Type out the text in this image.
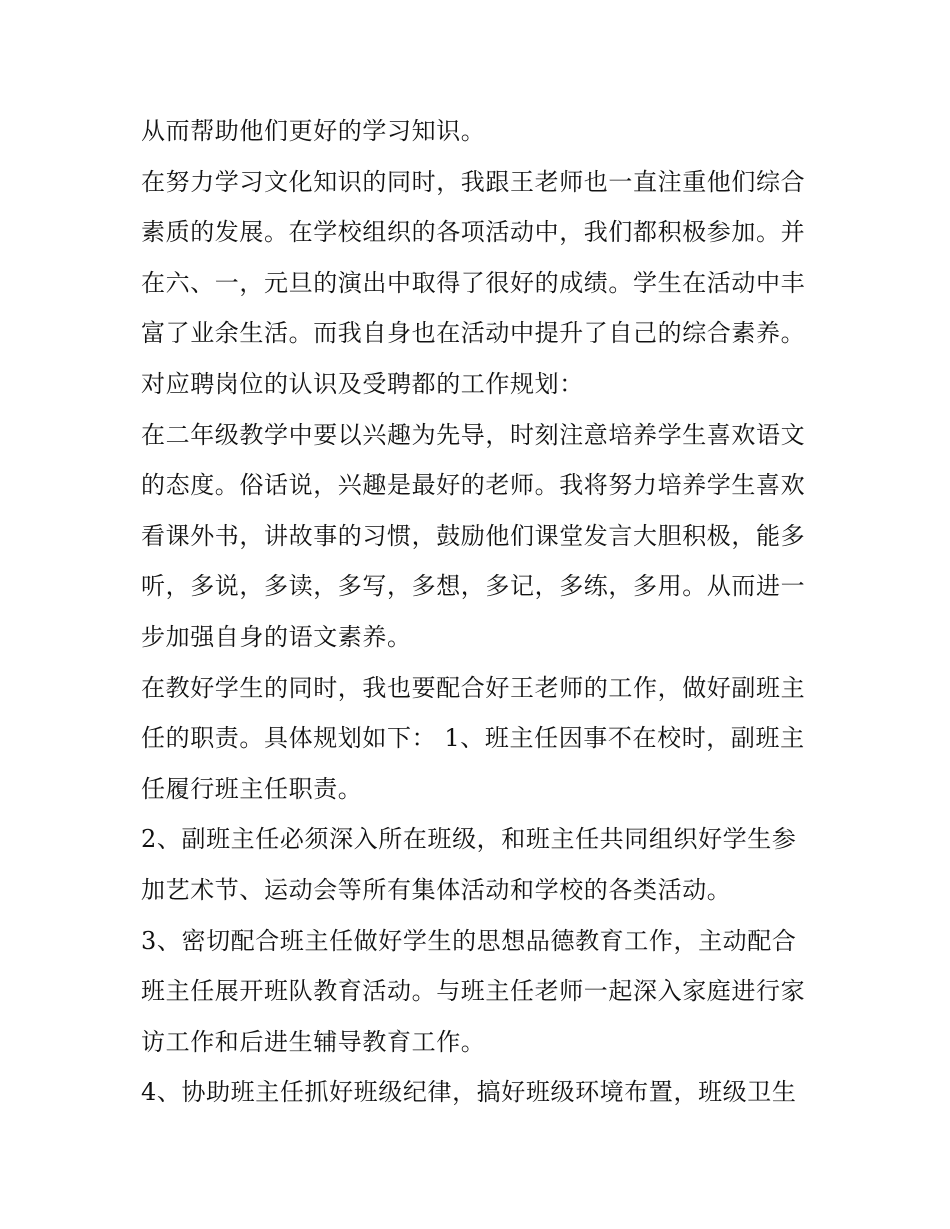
从而帮助他们更好的学习知识。
在努力学习文化知识的同时，我跟王老师也一直注重他们综合
素质的发展。在学校组织的各项活动中，我们都积极参加。并
在六、一，元旦的演出中取得了很好的成绩。学生在活动中丰
富了业余生活。而我自身也在活动中提升了自己的综合素养。
对应聘岗位的认识及受聘都的工作规划：
在二年级教学中要以兴趣为先导，时刻注意培养学生喜欢语文
的态度。俗话说，兴趣是最好的老师。我将努力培养学生喜欢
看课外书，讲故事的习惯，鼓励他们课堂发言大胆积极，能多
听，多说，多读，多写，多想，多记，多练，多用。从而进一
步加强自身的语文素养。
在教好学生的同时，我也要配合好王老师的工作，做好副班主
任的职责。具体规划如下： 1、班主任因事不在校时，副班主
任履行班主任职责。
2、副班主任必须深入所在班级，和班主任共同组织好学生参
加艺术节、运动会等所有集体活动和学校的各类活动。
3、密切配合班主任做好学生的思想品德教育工作，主动配合
班主任展开班队教育活动。与班主任老师一起深入家庭进行家
访工作和后进生辅导教育工作。
4、协助班主任抓好班级纪律，搞好班级环境布置，班级卫生
